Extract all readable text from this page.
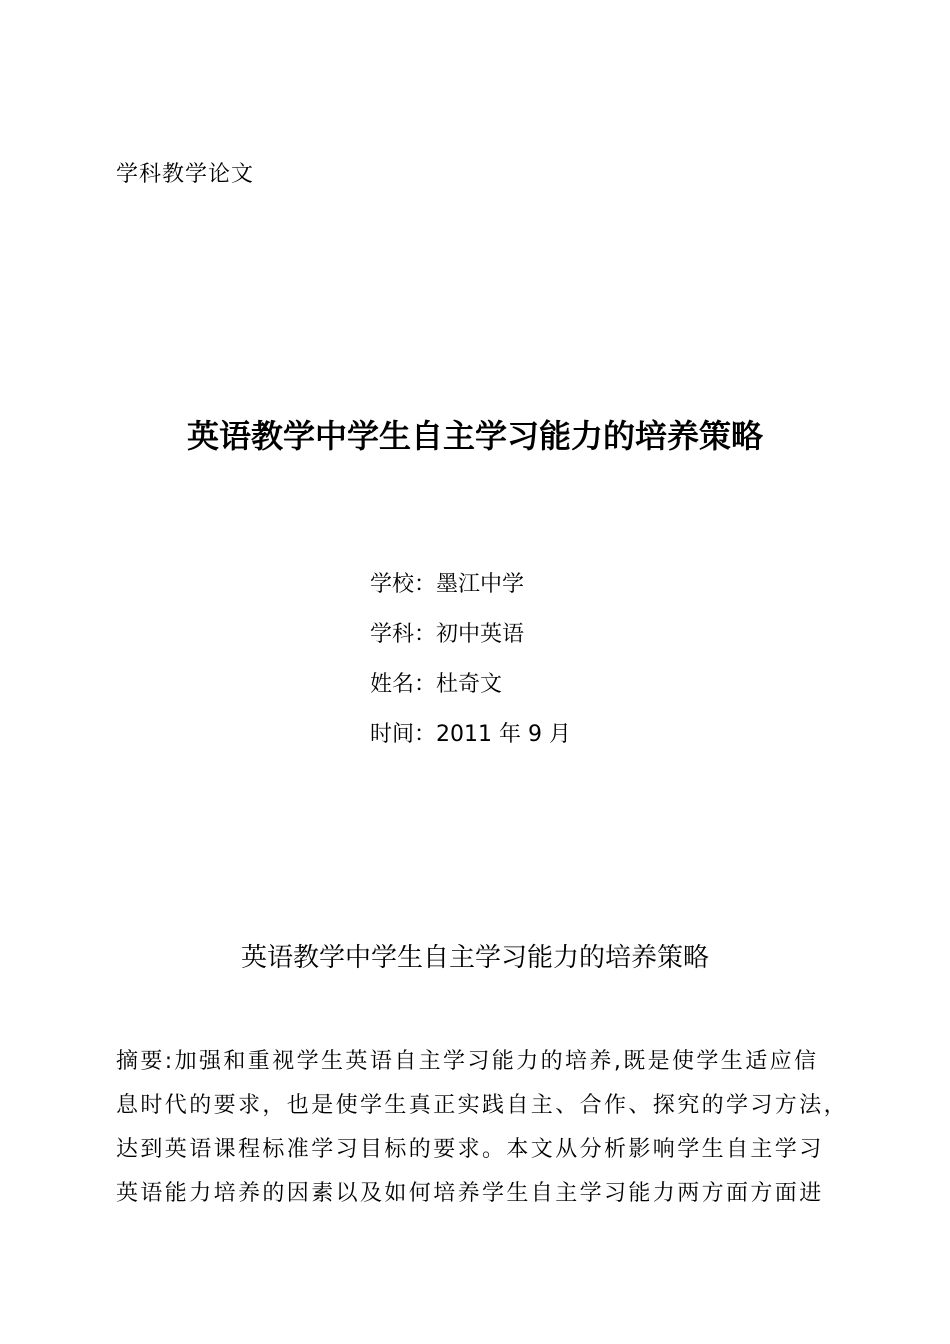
学科教学论文
英语教学中学生自主学习能力的培养策略
学校：墨江中学
学科：初中英语
姓名：杜奇文
时间：2011 年 9 月
英语教学中学生自主学习能力的培养策略
摘要:加强和重视学生英语自主学习能力的培养,既是使学生适应信
息时代的要求，也是使学生真正实践自主、合作、探究的学习方法，
达到英语课程标准学习目标的要求。本文从分析影响学生自主学习
英语能力培养的因素以及如何培养学生自主学习能力两方面方面进
